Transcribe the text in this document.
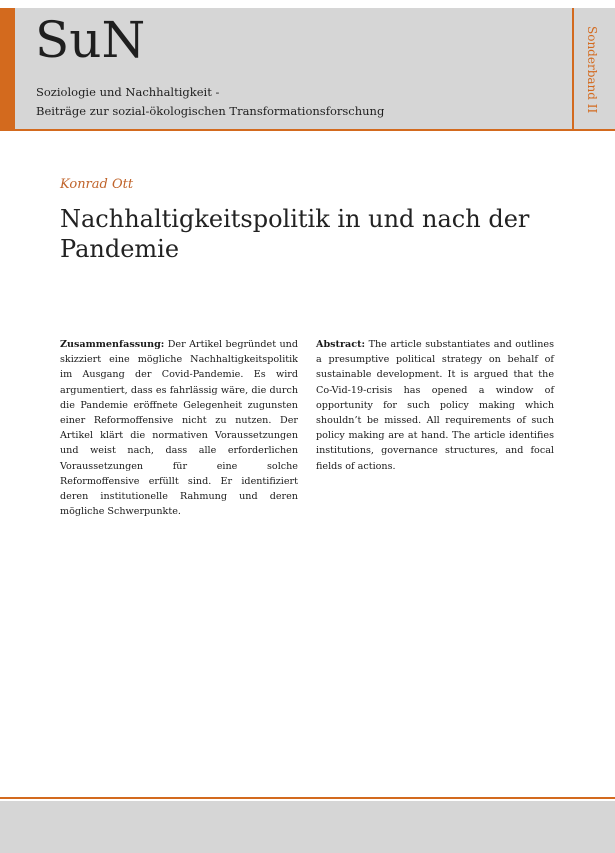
SuN
Soziologie und Nachhaltigkeit -
Beiträge zur sozial-ökologischen Transformationsforschung	Sonderband II
Konrad Ott
Nachhaltigkeitspolitik in und nach der Pandemie
Zusammenfassung: Der Artikel begründet und skizziert eine mögliche Nachhaltigkeitspolitik im Ausgang der Covid-Pandemie. Es wird argumentiert, dass es fahrlässig wäre, die durch die Pandemie eröffnete Gelegenheit zugunsten einer Reformoffensive nicht zu nutzen. Der Artikel klärt die normativen Voraussetzungen und weist nach, dass alle erforderlichen Voraussetzungen für eine solche Reformoffensive erfüllt sind. Er identifiziert deren institutionelle Rahmung und deren mögliche Schwerpunkte.
Abstract: The article substantiates and outlines a presumptive political strategy on behalf of sustainable development. It is argued that the Co-Vid-19-crisis has opened a window of opportunity for such policy making which shouldn’t be missed. All requirements of such policy making are at hand. The article identifies institutions, governance structures, and focal fields of actions.
